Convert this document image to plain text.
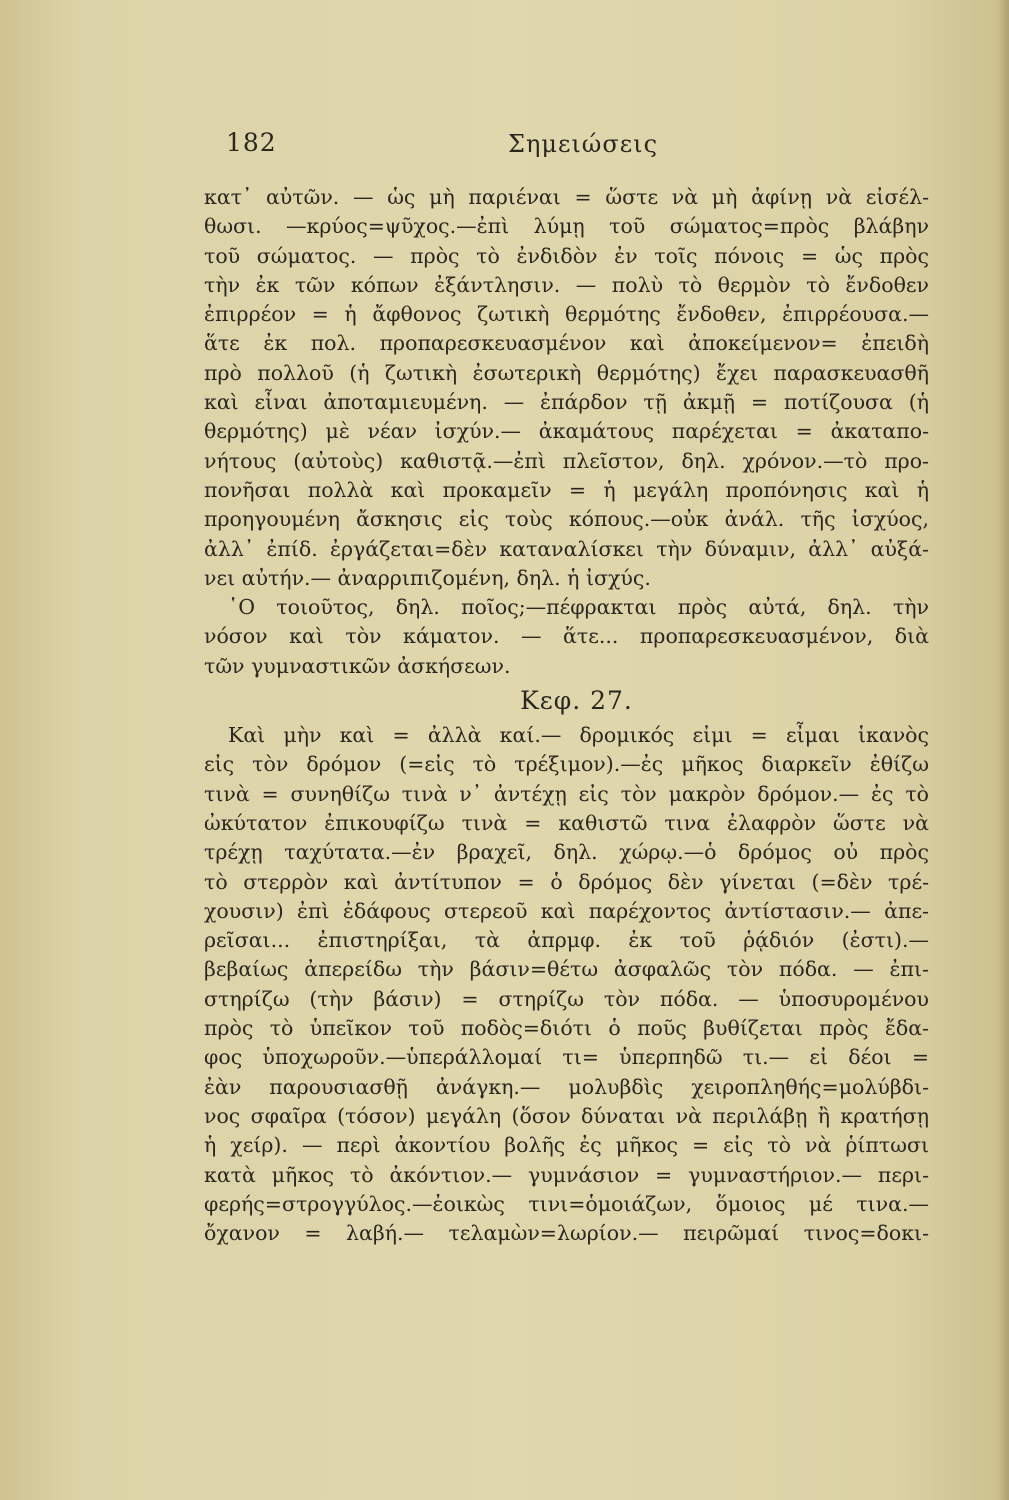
182	Σημειώσεις
κατ᾿ αὐτῶν. — ὡς μὴ παριέναι = ὥστε νὰ μὴ ἀφίνῃ νὰ εἰσέλ-
θωσι. —κρύος=ψῦχος.—ἐπὶ λύμῃ τοῦ σώματος=πρὸς βλάβην
τοῦ σώματος. — πρὸς τὸ ἐνδιδὸν ἐν τοῖς πόνοις = ὡς πρὸς
τὴν ἐκ τῶν κόπων ἐξάντλησιν. — πολὺ τὸ θερμὸν τὸ ἔνδοθεν
ἐπιρρέον = ἡ ἄφθονος ζωτικὴ θερμότης ἔνδοθεν, ἐπιρρέουσα.—
ἅτε ἐκ πολ. προπαρεσκευασμένον καὶ ἀποκείμενον= ἐπειδὴ
πρὸ πολλοῦ (ἡ ζωτικὴ ἐσωτερικὴ θερμότης) ἔχει παρασκευασθῆ
καὶ εἶναι ἀποταμιευμένη. — ἐπάρδον τῇ ἀκμῇ = ποτίζουσα (ἡ
θερμότης) μὲ νέαν ἰσχύν.— ἀκαμάτους παρέχεται = ἀκαταπο-
νήτους (αὐτοὺς) καθιστᾷ.—ἐπὶ πλεῖστον, δηλ. χρόνον.—τὸ προ-
πονῆσαι πολλὰ καὶ προκαμεῖν = ἡ μεγάλη προπόνησις καὶ ἡ
προηγουμένη ἄσκησις εἰς τοὺς κόπους.—οὐκ ἀνάλ. τῆς ἰσχύος,
ἀλλ᾿ ἐπίδ. ἐργάζεται=δὲν καταναλίσκει τὴν δύναμιν, ἀλλ᾿ αὐξά-
νει αὐτήν.— ἀναρριπιζομένη, δηλ. ἡ ἰσχύς.
῾Ο τοιοῦτος, δηλ. ποῖος;—πέφρακται πρὸς αὐτά, δηλ. τὴν
νόσον καὶ τὸν κάματον. — ἅτε... προπαρεσκευασμένον, διὰ
τῶν γυμναστικῶν ἀσκήσεων.
Κεφ. 27.
Καὶ μὴν καὶ = ἀλλὰ καί.— δρομικός εἰμι = εἶμαι ἱκανὸς
εἰς τὸν δρόμον (=εἰς τὸ τρέξιμον).—ἐς μῆκος διαρκεῖν ἐθίζω
τινὰ = συνηθίζω τινὰ ν᾿ ἀντέχῃ εἰς τὸν μακρὸν δρόμον.— ἐς τὸ
ὠκύτατον ἐπικουφίζω τινὰ = καθιστῶ τινα ἐλαφρὸν ὥστε νὰ
τρέχῃ ταχύτατα.—ἐν βραχεῖ, δηλ. χώρῳ.—ὁ δρόμος οὐ πρὸς
τὸ στερρὸν καὶ ἀντίτυπον = ὁ δρόμος δὲν γίνεται (=δὲν τρέ-
χουσιν) ἐπὶ ἐδάφους στερεοῦ καὶ παρέχοντος ἀντίστασιν.— ἀπε-
ρεῖσαι... ἐπιστηρίξαι, τὰ ἀπρμφ. ἐκ τοῦ ῥᾴδιόν (ἐστι).—
βεβαίως ἀπερείδω τὴν βάσιν=θέτω ἀσφαλῶς τὸν πόδα. — ἐπι-
στηρίζω (τὴν βάσιν) = στηρίζω τὸν πόδα. — ὑποσυρομένου
πρὸς τὸ ὑπεῖκον τοῦ ποδὸς=διότι ὁ ποῦς βυθίζεται πρὸς ἔδα-
φος ὑποχωροῦν.—ὑπεράλλομαί τι= ὑπερπηδῶ τι.— εἰ δέοι =
ἐὰν παρουσιασθῇ ἀνάγκη.— μολυβδὶς χειροπληθής=μολύβδι-
νος σφαῖρα (τόσον) μεγάλη (ὅσον δύναται νὰ περιλάβῃ ἢ κρατήσῃ
ἡ χείρ). — περὶ ἀκοντίου βολῆς ἐς μῆκος = εἰς τὸ νὰ ῥίπτωσι
κατὰ μῆκος τὸ ἀκόντιον.— γυμνάσιον = γυμναστήριον.— περι-
φερής=στρογγύλος.—ἐοικὼς τινι=ὁμοιάζων, ὅμοιος μέ τινα.—
ὄχανον = λαβή.— τελαμὼν=λωρίον.— πειρῶμαί τινος=δοκι-
